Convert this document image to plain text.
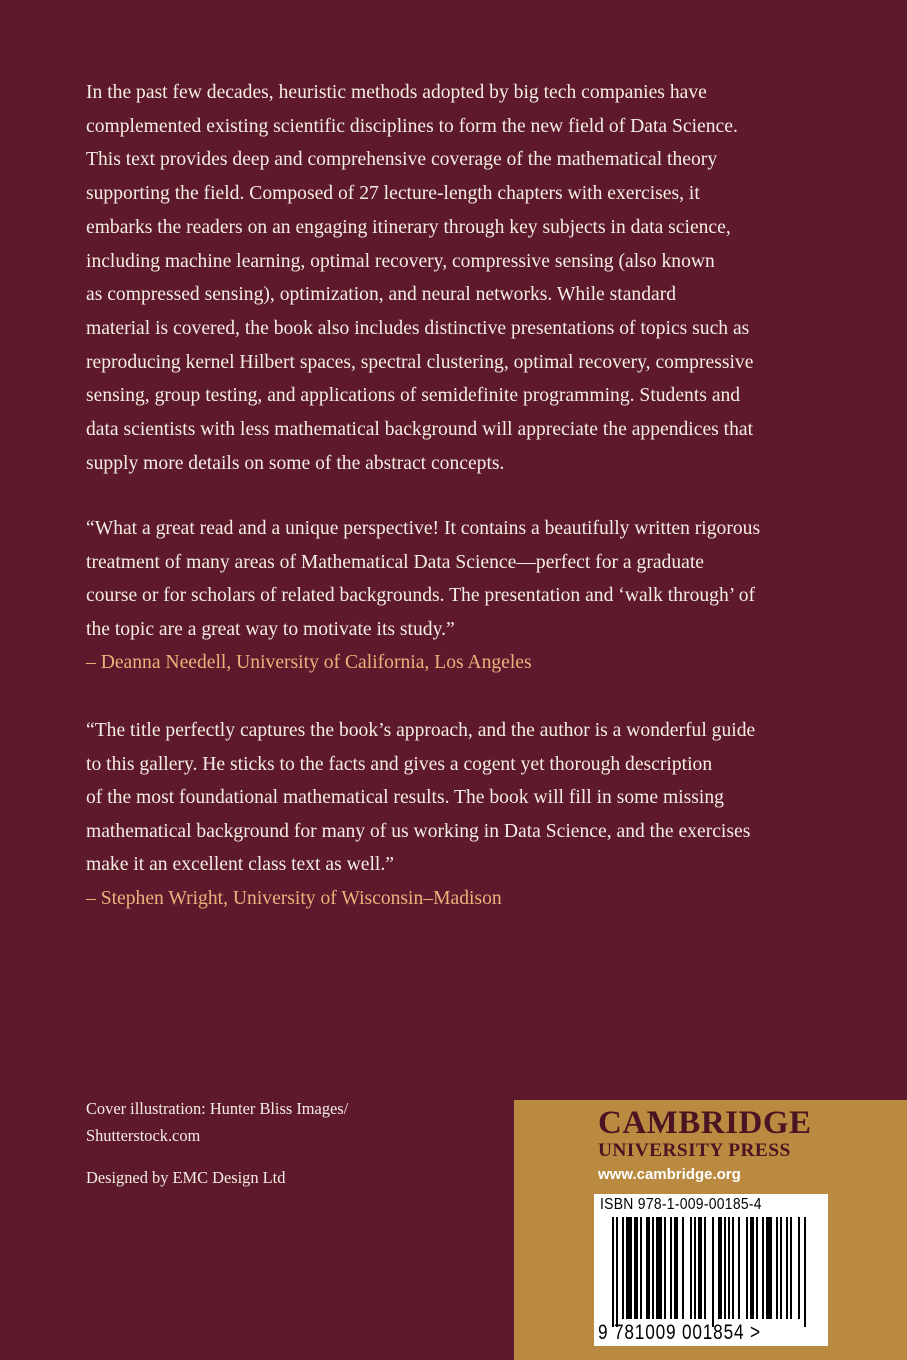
In the past few decades, heuristic methods adopted by big tech companies have
complemented existing scientific disciplines to form the new field of Data Science.
This text provides deep and comprehensive coverage of the mathematical theory
supporting the field. Composed of 27 lecture-length chapters with exercises, it
embarks the readers on an engaging itinerary through key subjects in data science,
including machine learning, optimal recovery, compressive sensing (also known
as compressed sensing), optimization, and neural networks. While standard
material is covered, the book also includes distinctive presentations of topics such as
reproducing kernel Hilbert spaces, spectral clustering, optimal recovery, compressive
sensing, group testing, and applications of semidefinite programming. Students and
data scientists with less mathematical background will appreciate the appendices that
supply more details on some of the abstract concepts.

“What a great read and a unique perspective! It contains a beautifully written rigorous
treatment of many areas of Mathematical Data Science—perfect for a graduate
course or for scholars of related backgrounds. The presentation and ‘walk through’ of
the topic are a great way to motivate its study.”
– Deanna Needell, University of California, Los Angeles

“The title perfectly captures the book’s approach, and the author is a wonderful guide
to this gallery. He sticks to the facts and gives a cogent yet thorough description
of the most foundational mathematical results. The book will fill in some missing
mathematical background for many of us working in Data Science, and the exercises
make it an excellent class text as well.”
– Stephen Wright, University of Wisconsin–Madison

Cover illustration: Hunter Bliss Images/
Shutterstock.com

Designed by EMC Design Ltd

CAMBRIDGE

UNIVERSITY PRESS

www.cambridge.org

ISBN 978-1-009-00185-4
9 781009 001854 >
